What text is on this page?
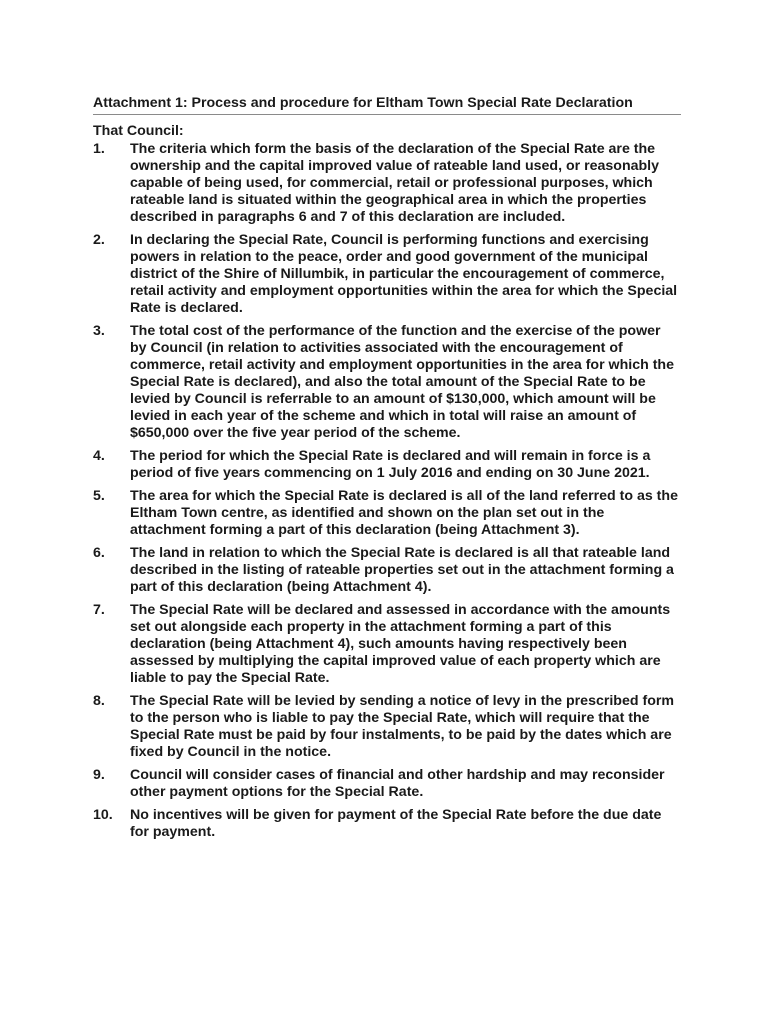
Attachment 1: Process and procedure for Eltham Town Special Rate Declaration

That Council:

1.	The criteria which form the basis of the declaration of the Special Rate are the ownership and the capital improved value of rateable land used, or reasonably capable of being used, for commercial, retail or professional purposes, which rateable land is situated within the geographical area in which the properties described in paragraphs 6 and 7 of this declaration are included.
2.	In declaring the Special Rate, Council is performing functions and exercising powers in relation to the peace, order and good government of the municipal district of the Shire of Nillumbik, in particular the encouragement of commerce, retail activity and employment opportunities within the area for which the Special Rate is declared.
3.	The total cost of the performance of the function and the exercise of the power by Council (in relation to activities associated with the encouragement of commerce, retail activity and employment opportunities in the area for which the Special Rate is declared), and also the total amount of the Special Rate to be levied by Council is referrable to an amount of $130,000, which amount will be levied in each year of the scheme and which in total will raise an amount of $650,000 over the five year period of the scheme.
4.	The period for which the Special Rate is declared and will remain in force is a period of five years commencing on 1 July 2016 and ending on 30 June 2021.
5.	The area for which the Special Rate is declared is all of the land referred to as the Eltham Town centre, as identified and shown on the plan set out in the attachment forming a part of this declaration (being Attachment 3).
6.	The land in relation to which the Special Rate is declared is all that rateable land described in the listing of rateable properties set out in the attachment forming a part of this declaration (being Attachment 4).
7.	The Special Rate will be declared and assessed in accordance with the amounts set out alongside each property in the attachment forming a part of this declaration (being Attachment 4), such amounts having respectively been assessed by multiplying the capital improved value of each property which are liable to pay the Special Rate.
8.	The Special Rate will be levied by sending a notice of levy in the prescribed form to the person who is liable to pay the Special Rate, which will require that the Special Rate must be paid by four instalments, to be paid by the dates which are fixed by Council in the notice.
9.	Council will consider cases of financial and other hardship and may reconsider other payment options for the Special Rate.
10.	No incentives will be given for payment of the Special Rate before the due date for payment.
